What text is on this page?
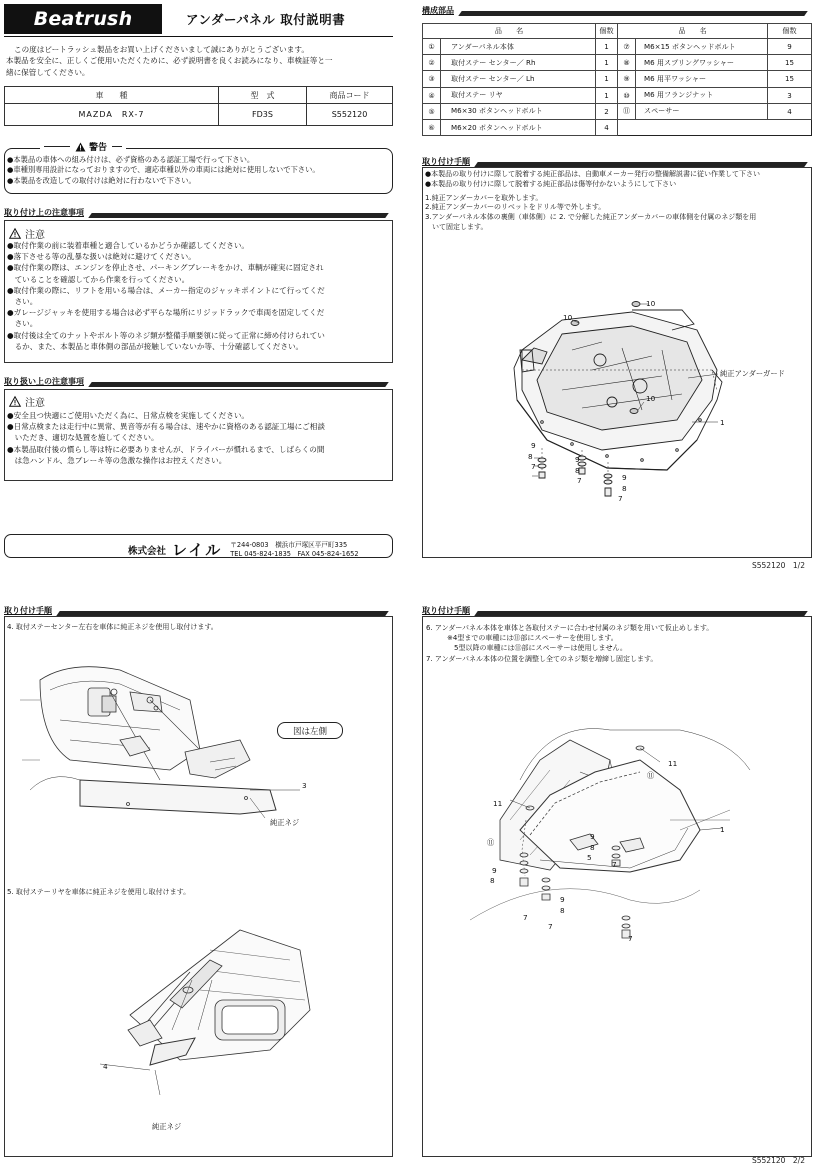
Beatrush	アンダーパネル 取付説明書
この度はビートラッシュ製品をお買い上げくださいまして誠にありがとうございます。
本製品を安全に、正しくご使用いただくために、必ず説明書を良くお読みになり、車検証等と一
緒に保管してください。
車　　種	型　式	商品コード
MAZDA　RX-7	FD3S	S552120
警告
●本製品の車体への組み付けは、必ず資格のある認証工場で行って下さい。
●車種別専用設計になっておりますので、適応車種以外の車両には絶対に使用しないで下さい。
●本製品を改造しての取付けは絶対に行わないで下さい。
取り付け上の注意事項
注意
●取付作業の前に装着車種と適合しているかどうか確認してください。
●落下させる等の乱暴な扱いは絶対に避けてください。
●取付作業の際は、エンジンを停止させ、パーキングブレーキをかけ、車輌が確実に固定され
　ていることを確認してから作業を行ってください。
●取付作業の際に、リフトを用いる場合は、メーカー指定のジャッキポイントにて行ってくだ
　さい。
●ガレージジャッキを使用する場合は必ず平らな場所にリジッドラックで車両を固定してくだ
　さい。
●取付後は全てのナットやボルト等のネジ類が整備手順要領に従って正常に締め付けられてい
　るか、また、本製品と車体側の部品が接触していないか等、十分確認してください。
取り扱い上の注意事項
注意
●安全且つ快適にご使用いただく為に、日常点検を実施してください。
●日常点検または走行中に異常、異音等が有る場合は、速やかに資格のある認証工場にご相談
　いただき、適切な処置を施してください。
●本製品取付後の慣らし等は特に必要ありませんが、ドライバーが慣れるまで、しばらくの間
　は急ハンドル、急ブレーキ等の急激な操作はお控えください。
株式会社 レイル 〒244-0803　横浜市戸塚区平戸町335
TEL 045-824-1835　FAX 045-824-1652
構成部品
品　　名		個数	品　　名		個数
①	アンダーパネル本体	1	⑦	M6×15 ボタンヘッドボルト	9
②	取付ステー センター／ Rh	1	⑧	M6 用スプリングワッシャー	15
③	取付ステー センター／ Lh	1	⑨	M6 用平ワッシャー	15
④	取付ステー リヤ	1	⑩	M6 用フランジナット	3
⑤	M6×30 ボタンヘッドボルト	2	⑪	スペーサー	4
⑥	M6×20 ボタンヘッドボルト	4			
取り付け手順
●本製品の取り付けに際して脱着する純正部品は、自動車メーカー発行の整備解説書に従い作業して下さい
●本製品の取り付けに際して脱着する純正部品は傷等付かないようにして下さい
1.純正アンダーカバーを取外します。
2.純正アンダーカバーのリベットをドリル等で外します。
3.アンダーパネル本体の裏側（車体側）に 2. で分解した純正アンダーカバーの車体側を付属のネジ類を用
　いて固定します。
10
10
10
純正アンダーガード
1
9
8
7
9
8
7	9
8
7
S552120　1/2
取り付け手順
4. 取付ステーセンター左右を車体に純正ネジを使用し取付けます。
図は左側
3
純正ネジ
5. 取付ステーリヤを車体に純正ネジを使用し取付けます。
4
純正ネジ
取り付け手順
6. アンダーパネル本体を車体と各取付ステーに合わせ付属のネジ類を用いて仮止めします。
　　　※4型までの車種には⑪部にスペーサーを使用します。
　　　　5型以降の車種には⑪部にスペーサーは使用しません。
7. アンダーパネル本体の位置を調整し全てのネジ類を増締し固定します。
11
⑪
11
1
⑪
9
8
5
7
9
8
9
8
7
7
7
S552120　2/2
